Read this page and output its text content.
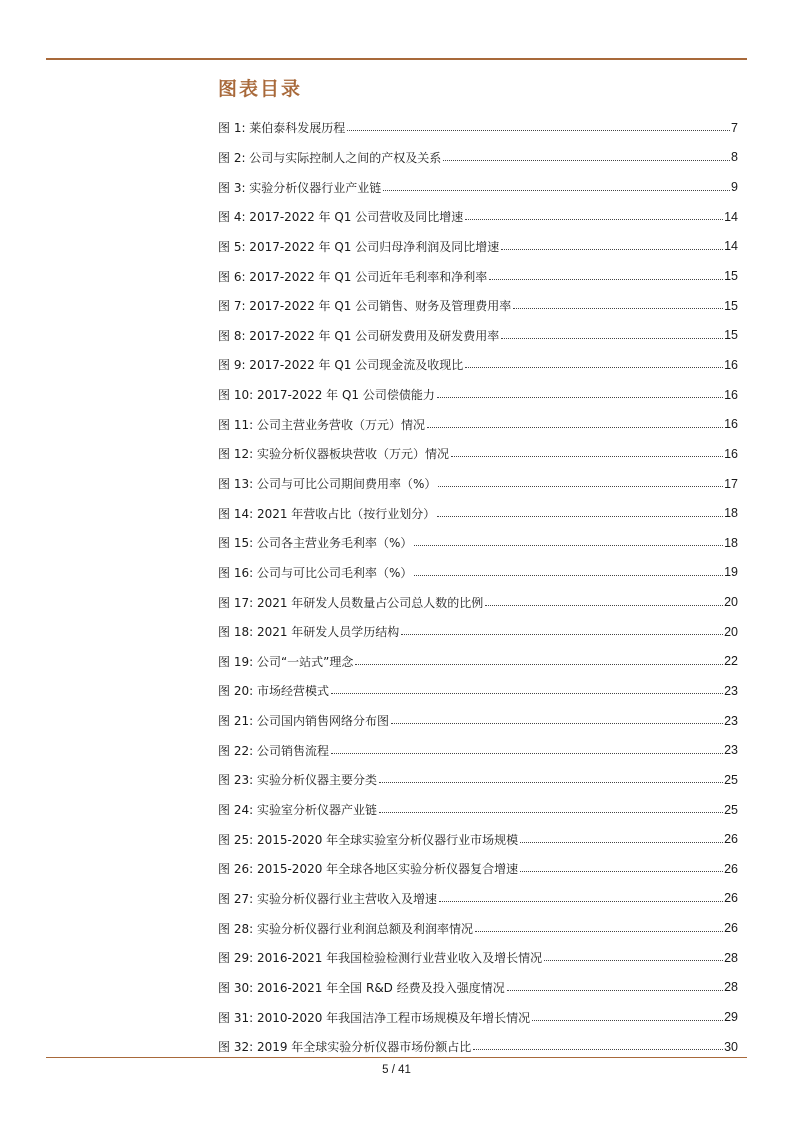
图表目录
图 1: 莱伯泰科发展历程	7
图 2: 公司与实际控制人之间的产权及关系	8
图 3: 实验分析仪器行业产业链	9
图 4: 2017-2022 年 Q1 公司营收及同比增速	14
图 5: 2017-2022 年 Q1 公司归母净利润及同比增速	14
图 6: 2017-2022 年 Q1 公司近年毛利率和净利率	15
图 7: 2017-2022 年 Q1 公司销售、财务及管理费用率	15
图 8: 2017-2022 年 Q1 公司研发费用及研发费用率	15
图 9: 2017-2022 年 Q1 公司现金流及收现比	16
图 10: 2017-2022 年 Q1 公司偿债能力	16
图 11: 公司主营业务营收（万元）情况	16
图 12: 实验分析仪器板块营收（万元）情况	16
图 13: 公司与可比公司期间费用率（%）	17
图 14: 2021 年营收占比（按行业划分）	18
图 15: 公司各主营业务毛利率（%）	18
图 16: 公司与可比公司毛利率（%）	19
图 17: 2021 年研发人员数量占公司总人数的比例	20
图 18: 2021 年研发人员学历结构	20
图 19: 公司“一站式”理念	22
图 20: 市场经营模式	23
图 21: 公司国内销售网络分布图	23
图 22: 公司销售流程	23
图 23: 实验分析仪器主要分类	25
图 24: 实验室分析仪器产业链	25
图 25: 2015-2020 年全球实验室分析仪器行业市场规模	26
图 26: 2015-2020 年全球各地区实验分析仪器复合增速	26
图 27: 实验分析仪器行业主营收入及增速	26
图 28: 实验分析仪器行业利润总额及利润率情况	26
图 29: 2016-2021 年我国检验检测行业营业收入及增长情况	28
图 30: 2016-2021 年全国 R&D 经费及投入强度情况	28
图 31: 2010-2020 年我国洁净工程市场规模及年增长情况	29
图 32: 2019 年全球实验分析仪器市场份额占比	30
5 / 41
